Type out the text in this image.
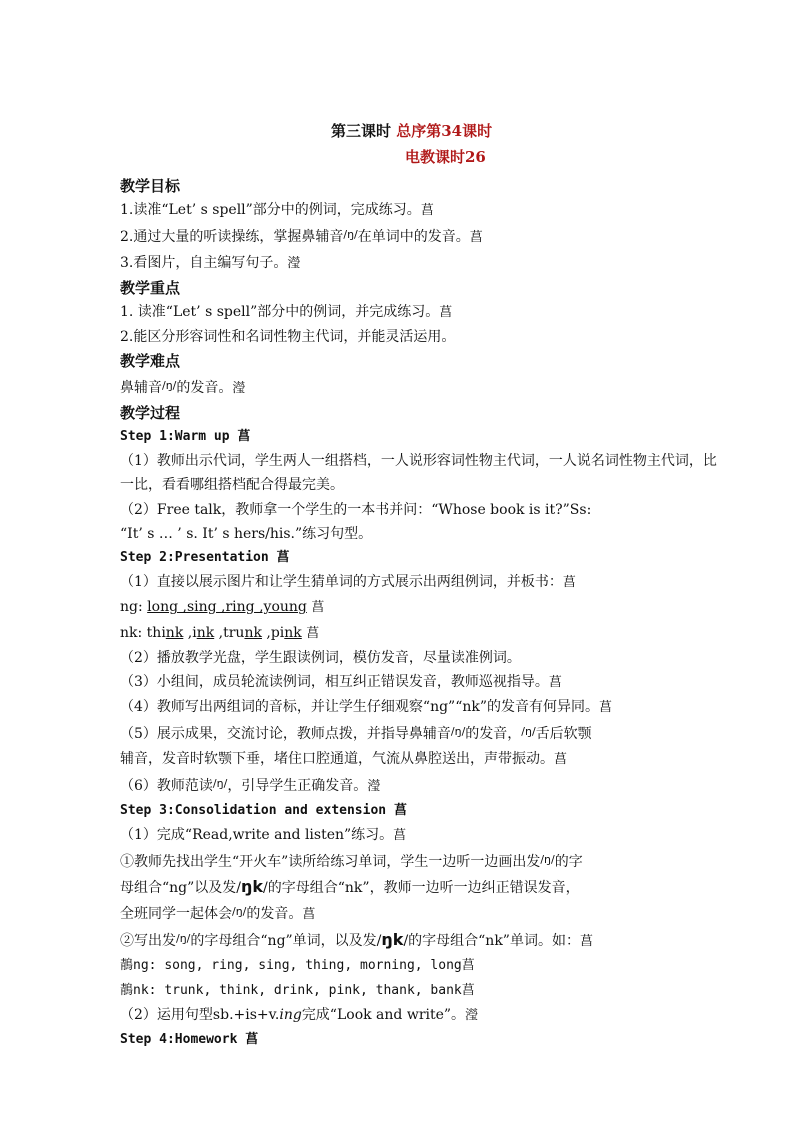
第三课时 总序第34课时
电教课时26
教学目标
1.读准“Let’ s spell”部分中的例词，完成练习。菖
2.通过大量的听读操练，掌握鼻辅音$^{/ŋ/}$在单词中的发音。菖
3.看图片，自主编写句子。瀅
教学重点
1. 读准“Let’ s spell”部分中的例词，并完成练习。菖
2.能区分形容词性和名词性物主代词，并能灵活运用。
教学难点
鼻辅音$^{/ŋ/}$的发音。瀅
教学过程
Step 1:Warm up 菖
（1）教师出示代词，学生两人一组搭档，一人说形容词性物主代词，一人说名词性物主代词，比一比，看看哪组搭档配合得最完美。
（2）Free talk，教师拿一个学生的一本书并问：“Whose book is it?”Ss:
“It’ s … ’ s. It’ s hers/his.”练习句型。
Step 2:Presentation 菖
（1）直接以展示图片和让学生猜单词的方式展示出两组例词，并板书：菖
ng: long ,sing ,ring ,young 菖
nk: think ,ink ,trunk ,pink 菖
（2）播放教学光盘，学生跟读例词，模仿发音，尽量读准例词。
（3）小组间，成员轮流读例词，相互纠正错误发音，教师巡视指导。菖
（4）教师写出两组词的音标，并让学生仔细观察“ng”“nk”的发音有何异同。菖
（5）展示成果，交流讨论，教师点拨，并指导鼻辅音$^{/ŋ/}$的发音，$^{/ŋ/}$舌后软颚
辅音，发音时软颚下垂，堵住口腔通道，气流从鼻腔送出，声带振动。菖
（6）教师范读$^{/ŋ/}$，引导学生正确发音。瀅
Step 3:Consolidation and extension 菖
（1）完成“Read,write and listen”练习。菖
①教师先找出学生“开火车”读所给练习单词，学生一边听一边画出发$^{/ŋ/}$的字
母组合“ng”以及发/ŋk/的字母组合“nk”，教师一边听一边纠正错误发音，
全班同学一起体会$^{/ŋ/}$的发音。菖
②写出发$^{/ŋ/}$的字母组合“ng”单词，以及发/ŋk/的字母组合“nk”单词。如：菖
鶄ng: song, ring, sing, thing, morning, long菖
鶄nk: trunk, think, drink, pink, thank, bank菖
（2）运用句型sb.+is+v.ing完成“Look and write”。瀅
Step 4:Homework 菖
